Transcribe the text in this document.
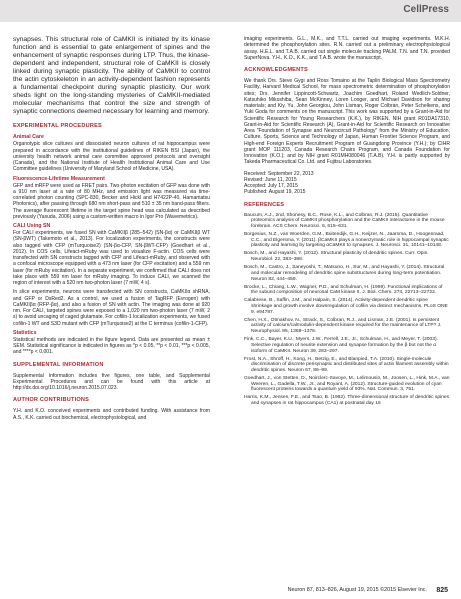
CellPress

synapses. This structural role of CaMKII is initiated by its kinase function and is essential to gate enlargement of spines and the enhancement of synaptic responses during LTP. Thus, the kinase-dependent and independent, structural role of CaMKII is closely linked during synaptic plasticity. The ability of CaMKII to control the actin cytoskeleton in an activity-dependent fashion represents a fundamental checkpoint during synaptic plasticity. Our work sheds light on the long-standing mysteries of CaMKII-mediated molecular mechanisms that control the size and strength of synaptic connections deemed necessary for learning and memory.

EXPERIMENTAL PROCEDURES
Animal Care

Organotypic slice cultures and dissociated neuron cultures of rat hippocampus were prepared in accordance with the institutional guidelines of RIKEN BSI (Japan), the university health network animal care committee approved protocols and oversight (Canada), and the National Institute of Health Institutional Animal Care and Use Committee guidelines (University of Maryland School of Medicine, USA).

Fluorescence-Lifetime Measurement

GFP and mRFP were used as FRET pairs. Two-photon excitation of GFP was done with a 910 nm laser at a rate of 80 MHz, and emission light was measured via time-correlated photon counting (SPC-830, Becker and Hickl and H7422P-40, Hamamatsu Photonics), after passing through 680 nm short-pass and 510 ± 35 nm band-pass filters. The average fluorescent lifetime in the target spine head was calculated as described previously (Yasuda, 2006) using a custom-written macro in Igor Pro (Wavemetrics).

CALI Using SN

For CALI experiments, we fused SN with CaMKIIβ (285–542) (SN-βα) or CaMKIIβ WT (SN-βWT) (Takemoto et al., 2013). For localization experiments, the constructs were also tagged with CFP (mTurquoise2) (SN-βα-CFP, SN-βWT-CFP) (Goedhart et al., 2012). In COS cells, Lifeact-mRuby was used to visualize F-actin. COS cells were transfected with SN constructs tagged with CFP and Lifeact-mRuby, and observed with a confocal microscope equipped with a 473 nm laser (for CFP excitation) and a 559 nm laser (for mRuby excitation). In a separate experiment, we confirmed that CALI does not take place with 559 nm laser for mRuby imaging. To induce CALI, we scanned the region of interest with a 520 nm two-photon laser (7 mW, 4 s).

In slice experiments, neurons were transfected with SN constructs, CaMKIIα shRNA, and GFP or DsRed2. As a control, we used a fusion of TagRFP (Evrogen) with CaMKIIβα (RFP-βα), and also a fusion of SN with actin. The imaging was done at 920 nm. For CALI, targeted spines were exposed to a 1,020 nm two-photon laser (7 mW, 2 s) to avoid uncaging of caged glutamate. For cofilin-1 localization experiments, we fused cofilin-1 WT and S3D mutant with CFP (mTurquoise2) at the C terminus (cofilin-1-CFP).

Statistics

Statistical methods are indicated in the figure legend. Data are presented as mean ± SEM. Statistical significance is indicated in figures as *p < 0.05, **p < 0.01, ***p < 0.005, and ****p < 0.001.

SUPPLEMENTAL INFORMATION

Supplemental Information includes five figures, one table, and Supplemental Experimental Procedures and can be found with this article at http://dx.doi.org/10.1016/j.neuron.2015.07.023.

AUTHOR CONTRIBUTIONS

Y.H. and K.O. conceived experiments and contributed funding. With assistance from A.S., K.K. carried out biochemical, electrophysiological, and

imaging experiments. G.L., M.K., and T.T.L. carried out imaging experiments. M.K.H. determined the phosphorylation sites. R.N. carried out a preliminary electrophysiological assay. H.E.L. and T.A.B. carried out single molecule tracking PALM. T.N. and T.N. provided SuperNova. Y.H., K.O., K.K., and T.A.B. wrote the manuscript.

ACKNOWLEDGMENTS

We thank Drs. Steve Gygi and Ross Tomaino at the Taplin Biological Mass Spectrometry Facility, Harvard Medical School, for mass spectrometric determination of phosphorylation sites; Drs. Jennifer Lippincott-Schwartz, Joachim Goedhart, Roland Wedlich-Soldner, Katsuhiko Mikoshiba, Sean McKinney, Loren Looger, and Michael Davidson for sharing materials; and Kiy. Yu, John Georgiou, John Lisman, Roger Colbran, Peter Schelkens, and Yuki Goda for comments on the manuscript. This work was supported by a Grant-in-Aid for Scientific Research for Young Researchers (K.K.), by RIKEN, NIH grant R01DA17310, Grant-in-Aid for Scientific Research (A), Grant-in-Aid for Scientific Research on Innovative Area "Foundation of Synapse and Neurocircuit Pathology" from the Ministry of Education, Culture, Sports, Science and Technology of Japan, Human Frontier Science Program, and High-end Foreign Experts Recruitment Program of Guangdong Province (Y.H.); by CIHR grant MOP 111203, Canada Research Chairs Program, and Canada Foundation for Innovation (K.O.); and by NIH grant R01MH080046 (T.A.B). Y.H. is partly supported by Takeda Pharmaceutical Co. Ltd. and Fujitsu Laboratories.

Received: September 22, 2013

Revised: June 11, 2015

Accepted: July 17, 2015

Published: August 19, 2015

REFERENCES

Baucum, A.J., 2nd, Shonesy, B.C., Rose, K.L., and Colbran, R.J. (2015). Quantitative proteomics analysis of CaMKII phosphorylation and the CaMKII interactome in the mouse forebrain. ACS Chem. Neurosci. 6, 615–631.

Borgesius, N.Z., van Woerden, G.M., Buitendijk, G.H., Keijzer, N., Jaarsma, D., Hoogenraad, C.C., and Elgersma, Y. (2011). βCaMKII plays a nonenzymatic role in hippocampal synaptic plasticity and learning by targeting αCaMKII to synapses. J. Neurosci. 31, 10141–10148.

Bosch, M., and Hayashi, Y. (2012). Structural plasticity of dendritic spines. Curr. Opin. Neurobiol. 22, 383–388.

Bosch, M., Castro, J., Saneyoshi, T., Matsuno, H., Sur, M., and Hayashi, Y. (2014). Structural and molecular remodeling of dendritic spine substructures during long-term potentiation. Neuron 82, 444–459.

Brocke, L., Chiang, L.W., Wagner, P.D., and Schulman, H. (1999). Functional implications of the subunit composition of neuronal CaM kinase II. J. Biol. Chem. 274, 22713–22722.

Calabrese, B., Saffin, J.M., and Halpain, S. (2014). Activity-dependent dendritic spine shrinkage and growth involve downregulation of cofilin via distinct mechanisms. PLoS ONE 9, e94787.

Chen, H.X., Otmakhov, N., Strack, S., Colbran, R.J., and Lisman, J.E. (2001). Is persistent activity of calcium/calmodulin-dependent kinase required for the maintenance of LTP? J. Neurophysiol. 85, 1368–1376.

Fink, C.C., Bayer, K.U., Myers, J.W., Ferrell, J.E., Jr., Schulman, H., and Meyer, T. (2003). Selective regulation of neurite extension and synapse formation by the β but not the α isoform of CaMKII. Neuron 39, 283–297.

Frost, N.A., Shroff, H., Kong, H., Betzig, E., and Blanpied, T.A. (2010). Single-molecule discrimination of discrete perisynaptic and distributed sites of actin filament assembly within dendritic spines. Neuron 67, 86–99.

Goedhart, J., von Stetten, D., Noirclerc-Savoye, M., Lelimousin, M., Joosen, L., Hink, M.A., van Weeren, L., Gadella, T.W., Jr., and Royant, A. (2012). Structure-guided evolution of cyan fluorescent proteins towards a quantum yield of 93%. Nat. Commun. 3, 751.

Harris, K.M., Jensen, F.E., and Tsao, B. (1992). Three-dimensional structure of dendritic spines and synapses in rat hippocampus (CA1) at postnatal day 15

Neuron 87, 813–826, August 19, 2015 ©2015 Elsevier Inc. 825
